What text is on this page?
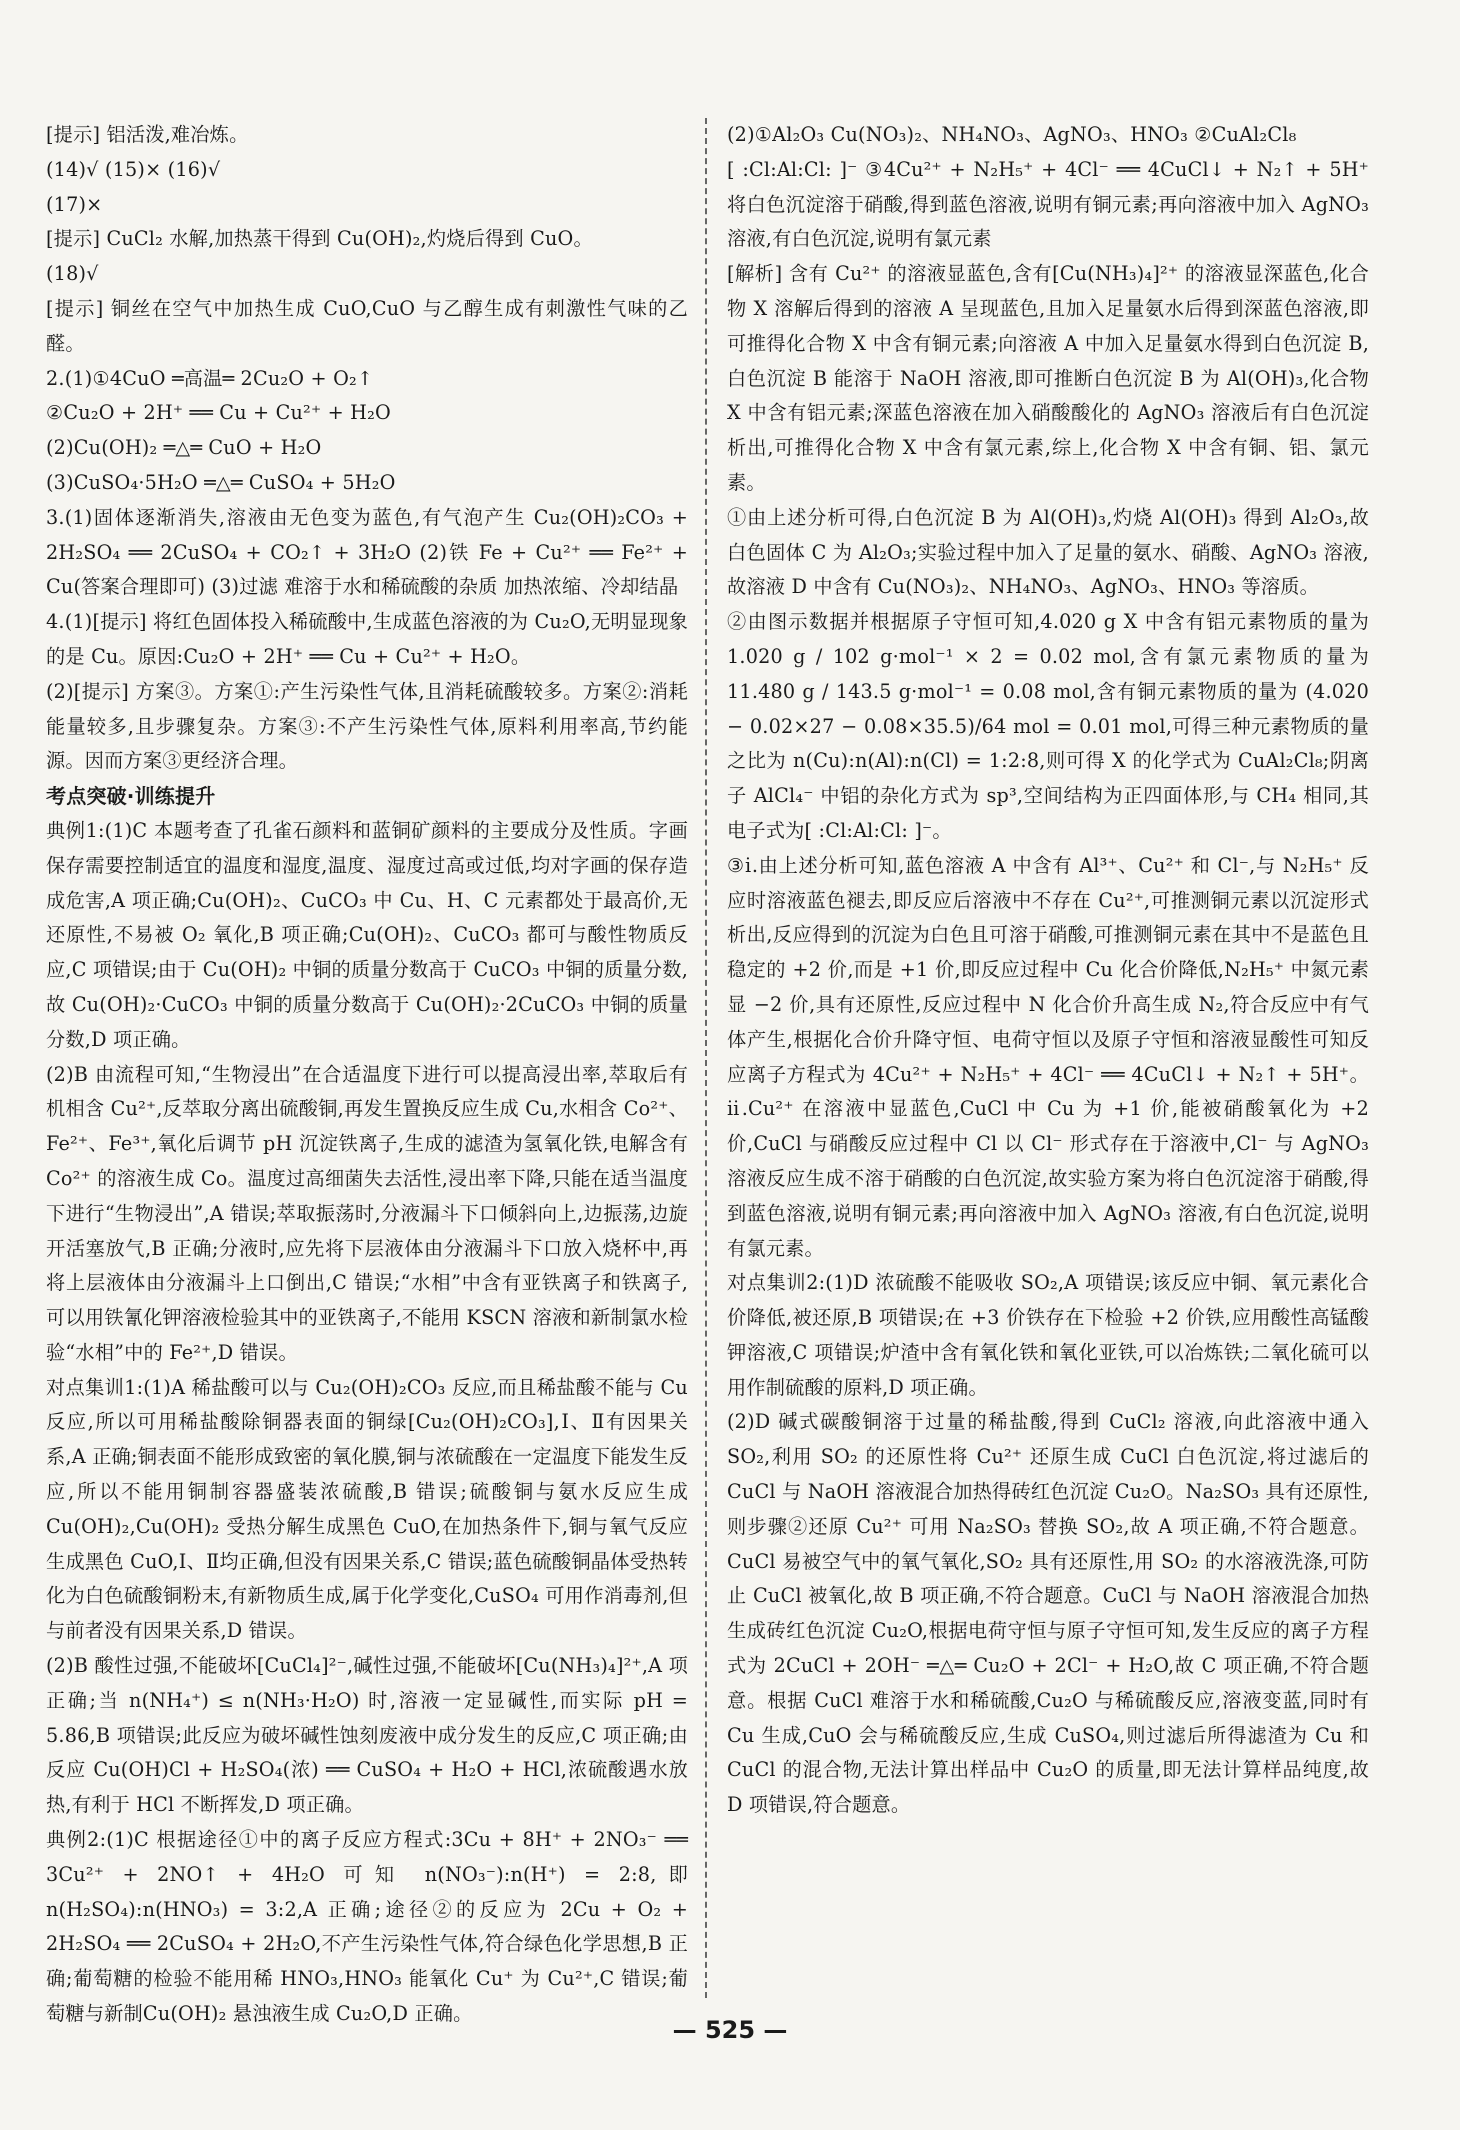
[提示] 铝活泼,难冶炼。

(14)√ (15)× (16)√

(17)×

[提示] CuCl₂ 水解,加热蒸干得到 Cu(OH)₂,灼烧后得到 CuO。

(18)√

[提示] 铜丝在空气中加热生成 CuO,CuO 与乙醇生成有刺激性气味的乙醛。

2.(1)①4CuO ═高温═ 2Cu₂O + O₂↑

②Cu₂O + 2H⁺ ══ Cu + Cu²⁺ + H₂O

(2)Cu(OH)₂ ═△═ CuO + H₂O

(3)CuSO₄·5H₂O ═△═ CuSO₄ + 5H₂O

3.(1)固体逐渐消失,溶液由无色变为蓝色,有气泡产生 Cu₂(OH)₂CO₃ + 2H₂SO₄ ══ 2CuSO₄ + CO₂↑ + 3H₂O (2)铁 Fe + Cu²⁺ ══ Fe²⁺ + Cu(答案合理即可) (3)过滤 难溶于水和稀硫酸的杂质 加热浓缩、冷却结晶

4.(1)[提示] 将红色固体投入稀硫酸中,生成蓝色溶液的为 Cu₂O,无明显现象的是 Cu。原因:Cu₂O + 2H⁺ ══ Cu + Cu²⁺ + H₂O。

(2)[提示] 方案③。方案①:产生污染性气体,且消耗硫酸较多。方案②:消耗能量较多,且步骤复杂。方案③:不产生污染性气体,原料利用率高,节约能源。因而方案③更经济合理。

考点突破·训练提升

典例1:(1)C 本题考查了孔雀石颜料和蓝铜矿颜料的主要成分及性质。字画保存需要控制适宜的温度和湿度,温度、湿度过高或过低,均对字画的保存造成危害,A 项正确;Cu(OH)₂、CuCO₃ 中 Cu、H、C 元素都处于最高价,无还原性,不易被 O₂ 氧化,B 项正确;Cu(OH)₂、CuCO₃ 都可与酸性物质反应,C 项错误;由于 Cu(OH)₂ 中铜的质量分数高于 CuCO₃ 中铜的质量分数,故 Cu(OH)₂·CuCO₃ 中铜的质量分数高于 Cu(OH)₂·2CuCO₃ 中铜的质量分数,D 项正确。

(2)B 由流程可知,“生物浸出”在合适温度下进行可以提高浸出率,萃取后有机相含 Cu²⁺,反萃取分离出硫酸铜,再发生置换反应生成 Cu,水相含 Co²⁺、Fe²⁺、Fe³⁺,氧化后调节 pH 沉淀铁离子,生成的滤渣为氢氧化铁,电解含有 Co²⁺ 的溶液生成 Co。温度过高细菌失去活性,浸出率下降,只能在适当温度下进行“生物浸出”,A 错误;萃取振荡时,分液漏斗下口倾斜向上,边振荡,边旋开活塞放气,B 正确;分液时,应先将下层液体由分液漏斗下口放入烧杯中,再将上层液体由分液漏斗上口倒出,C 错误;“水相”中含有亚铁离子和铁离子,可以用铁氰化钾溶液检验其中的亚铁离子,不能用 KSCN 溶液和新制氯水检验“水相”中的 Fe²⁺,D 错误。

对点集训1:(1)A 稀盐酸可以与 Cu₂(OH)₂CO₃ 反应,而且稀盐酸不能与 Cu 反应,所以可用稀盐酸除铜器表面的铜绿[Cu₂(OH)₂CO₃],Ⅰ、Ⅱ有因果关系,A 正确;铜表面不能形成致密的氧化膜,铜与浓硫酸在一定温度下能发生反应,所以不能用铜制容器盛装浓硫酸,B 错误;硫酸铜与氨水反应生成Cu(OH)₂,Cu(OH)₂ 受热分解生成黑色 CuO,在加热条件下,铜与氧气反应生成黑色 CuO,Ⅰ、Ⅱ均正确,但没有因果关系,C 错误;蓝色硫酸铜晶体受热转化为白色硫酸铜粉末,有新物质生成,属于化学变化,CuSO₄ 可用作消毒剂,但与前者没有因果关系,D 错误。

(2)B 酸性过强,不能破坏[CuCl₄]²⁻,碱性过强,不能破坏[Cu(NH₃)₄]²⁺,A 项正确;当 n(NH₄⁺) ≤ n(NH₃·H₂O) 时,溶液一定显碱性,而实际 pH = 5.86,B 项错误;此反应为破坏碱性蚀刻废液中成分发生的反应,C 项正确;由反应 Cu(OH)Cl + H₂SO₄(浓) ══ CuSO₄ + H₂O + HCl,浓硫酸遇水放热,有利于 HCl 不断挥发,D 项正确。

典例2:(1)C 根据途径①中的离子反应方程式:3Cu + 8H⁺ + 2NO₃⁻ ══ 3Cu²⁺ + 2NO↑ + 4H₂O 可知 n(NO₃⁻):n(H⁺) = 2:8,即 n(H₂SO₄):n(HNO₃) = 3:2,A 正确;途径②的反应为 2Cu + O₂ + 2H₂SO₄ ══ 2CuSO₄ + 2H₂O,不产生污染性气体,符合绿色化学思想,B 正确;葡萄糖的检验不能用稀 HNO₃,HNO₃ 能氧化 Cu⁺ 为 Cu²⁺,C 错误;葡萄糖与新制Cu(OH)₂ 悬浊液生成 Cu₂O,D 正确。

(2)①Al₂O₃ Cu(NO₃)₂、NH₄NO₃、AgNO₃、HNO₃ ②CuAl₂Cl₈

[ :Cl:Al:Cl: ]⁻ ③4Cu²⁺ + N₂H₅⁺ + 4Cl⁻ ══ 4CuCl↓ + N₂↑ + 5H⁺ 将白色沉淀溶于硝酸,得到蓝色溶液,说明有铜元素;再向溶液中加入 AgNO₃ 溶液,有白色沉淀,说明有氯元素

[解析] 含有 Cu²⁺ 的溶液显蓝色,含有[Cu(NH₃)₄]²⁺ 的溶液显深蓝色,化合物 X 溶解后得到的溶液 A 呈现蓝色,且加入足量氨水后得到深蓝色溶液,即可推得化合物 X 中含有铜元素;向溶液 A 中加入足量氨水得到白色沉淀 B,白色沉淀 B 能溶于 NaOH 溶液,即可推断白色沉淀 B 为 Al(OH)₃,化合物 X 中含有铝元素;深蓝色溶液在加入硝酸酸化的 AgNO₃ 溶液后有白色沉淀析出,可推得化合物 X 中含有氯元素,综上,化合物 X 中含有铜、铝、氯元素。

①由上述分析可得,白色沉淀 B 为 Al(OH)₃,灼烧 Al(OH)₃ 得到 Al₂O₃,故白色固体 C 为 Al₂O₃;实验过程中加入了足量的氨水、硝酸、AgNO₃ 溶液,故溶液 D 中含有 Cu(NO₃)₂、NH₄NO₃、AgNO₃、HNO₃ 等溶质。

②由图示数据并根据原子守恒可知,4.020 g X 中含有铝元素物质的量为 1.020 g / 102 g·mol⁻¹ × 2 = 0.02 mol,含有氯元素物质的量为 11.480 g / 143.5 g·mol⁻¹ = 0.08 mol,含有铜元素物质的量为 (4.020 − 0.02×27 − 0.08×35.5)/64 mol = 0.01 mol,可得三种元素物质的量之比为 n(Cu):n(Al):n(Cl) = 1:2:8,则可得 X 的化学式为 CuAl₂Cl₈;阴离子 AlCl₄⁻ 中铝的杂化方式为 sp³,空间结构为正四面体形,与 CH₄ 相同,其电子式为[ :Cl:Al:Cl: ]⁻。

③ⅰ.由上述分析可知,蓝色溶液 A 中含有 Al³⁺、Cu²⁺ 和 Cl⁻,与 N₂H₅⁺ 反应时溶液蓝色褪去,即反应后溶液中不存在 Cu²⁺,可推测铜元素以沉淀形式析出,反应得到的沉淀为白色且可溶于硝酸,可推测铜元素在其中不是蓝色且稳定的 +2 价,而是 +1 价,即反应过程中 Cu 化合价降低,N₂H₅⁺ 中氮元素显 −2 价,具有还原性,反应过程中 N 化合价升高生成 N₂,符合反应中有气体产生,根据化合价升降守恒、电荷守恒以及原子守恒和溶液显酸性可知反应离子方程式为 4Cu²⁺ + N₂H₅⁺ + 4Cl⁻ ══ 4CuCl↓ + N₂↑ + 5H⁺。ⅱ.Cu²⁺ 在溶液中显蓝色,CuCl 中 Cu 为 +1 价,能被硝酸氧化为 +2 价,CuCl 与硝酸反应过程中 Cl 以 Cl⁻ 形式存在于溶液中,Cl⁻ 与 AgNO₃ 溶液反应生成不溶于硝酸的白色沉淀,故实验方案为将白色沉淀溶于硝酸,得到蓝色溶液,说明有铜元素;再向溶液中加入 AgNO₃ 溶液,有白色沉淀,说明有氯元素。

对点集训2:(1)D 浓硫酸不能吸收 SO₂,A 项错误;该反应中铜、氧元素化合价降低,被还原,B 项错误;在 +3 价铁存在下检验 +2 价铁,应用酸性高锰酸钾溶液,C 项错误;炉渣中含有氧化铁和氧化亚铁,可以冶炼铁;二氧化硫可以用作制硫酸的原料,D 项正确。

(2)D 碱式碳酸铜溶于过量的稀盐酸,得到 CuCl₂ 溶液,向此溶液中通入 SO₂,利用 SO₂ 的还原性将 Cu²⁺ 还原生成 CuCl 白色沉淀,将过滤后的 CuCl 与 NaOH 溶液混合加热得砖红色沉淀 Cu₂O。Na₂SO₃ 具有还原性,则步骤②还原 Cu²⁺ 可用 Na₂SO₃ 替换 SO₂,故 A 项正确,不符合题意。CuCl 易被空气中的氧气氧化,SO₂ 具有还原性,用 SO₂ 的水溶液洗涤,可防止 CuCl 被氧化,故 B 项正确,不符合题意。CuCl 与 NaOH 溶液混合加热生成砖红色沉淀 Cu₂O,根据电荷守恒与原子守恒可知,发生反应的离子方程式为 2CuCl + 2OH⁻ ═△═ Cu₂O + 2Cl⁻ + H₂O,故 C 项正确,不符合题意。根据 CuCl 难溶于水和稀硫酸,Cu₂O 与稀硫酸反应,溶液变蓝,同时有 Cu 生成,CuO 会与稀硫酸反应,生成 CuSO₄,则过滤后所得滤渣为 Cu 和 CuCl 的混合物,无法计算出样品中 Cu₂O 的质量,即无法计算样品纯度,故 D 项错误,符合题意。

— 525 —
